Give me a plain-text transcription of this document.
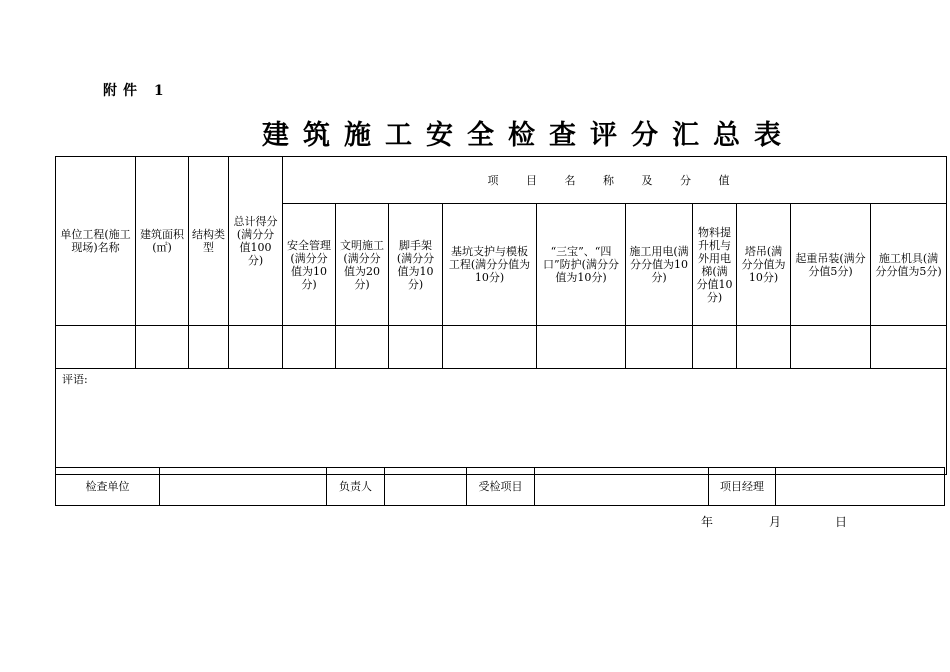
附件 1
建筑施工安全检查评分汇总表
单位工程(施工现场)名称	建筑面积(㎡)	结构类型	总计得分(满分分值100分)	项 目 名 称 及 分 值									
				安全管理(满分分值为10分)	文明施工(满分分值为20分)	脚手架(满分分值为10分)	基坑支护与模板工程(满分分值为10分)	“三宝”、“四口”防护(满分分值为10分)	施工用电(满分分值为10分)	物料提升机与外用电梯(满分值10分)	塔吊(满分分值为10分)	起重吊装(满分分值5分)	施工机具(满分分值为5分)

评语:													
检查单位		负责人		受检项目		项目经理	
年	月	日
